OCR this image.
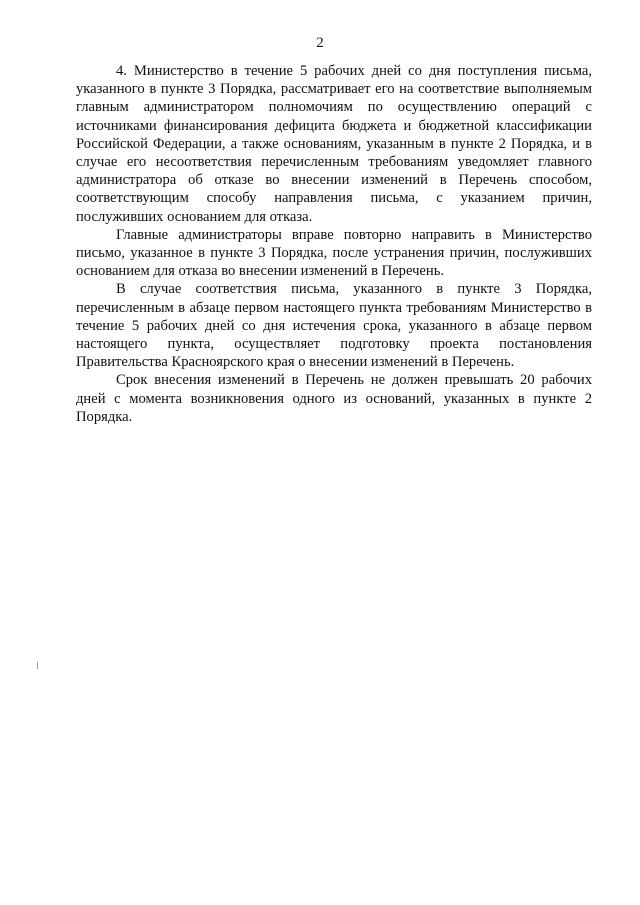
2

4. Министерство в течение 5 рабочих дней со дня поступления письма, указанного в пункте 3 Порядка, рассматривает его на соответствие выполняемым главным администратором полномочиям по осуществлению операций с источниками финансирования дефицита бюджета и бюджетной классификации Российской Федерации, а также основаниям, указанным в пункте 2 Порядка, и в случае его несоответствия перечисленным требованиям уведомляет главного администратора об отказе во внесении изменений в Перечень способом, соответствующим способу направления письма, с указанием причин, послуживших основанием для отказа.

Главные администраторы вправе повторно направить в Министерство письмо, указанное в пункте 3 Порядка, после устранения причин, послуживших основанием для отказа во внесении изменений в Перечень.

В случае соответствия письма, указанного в пункте 3 Порядка, перечисленным в абзаце первом настоящего пункта требованиям Министерство в течение 5 рабочих дней со дня истечения срока, указанного в абзаце первом настоящего пункта, осуществляет подготовку проекта постановления Правительства Красноярского края о внесении изменений в Перечень.

Срок внесения изменений в Перечень не должен превышать 20 рабочих дней с момента возникновения одного из оснований, указанных в пункте 2 Порядка.
